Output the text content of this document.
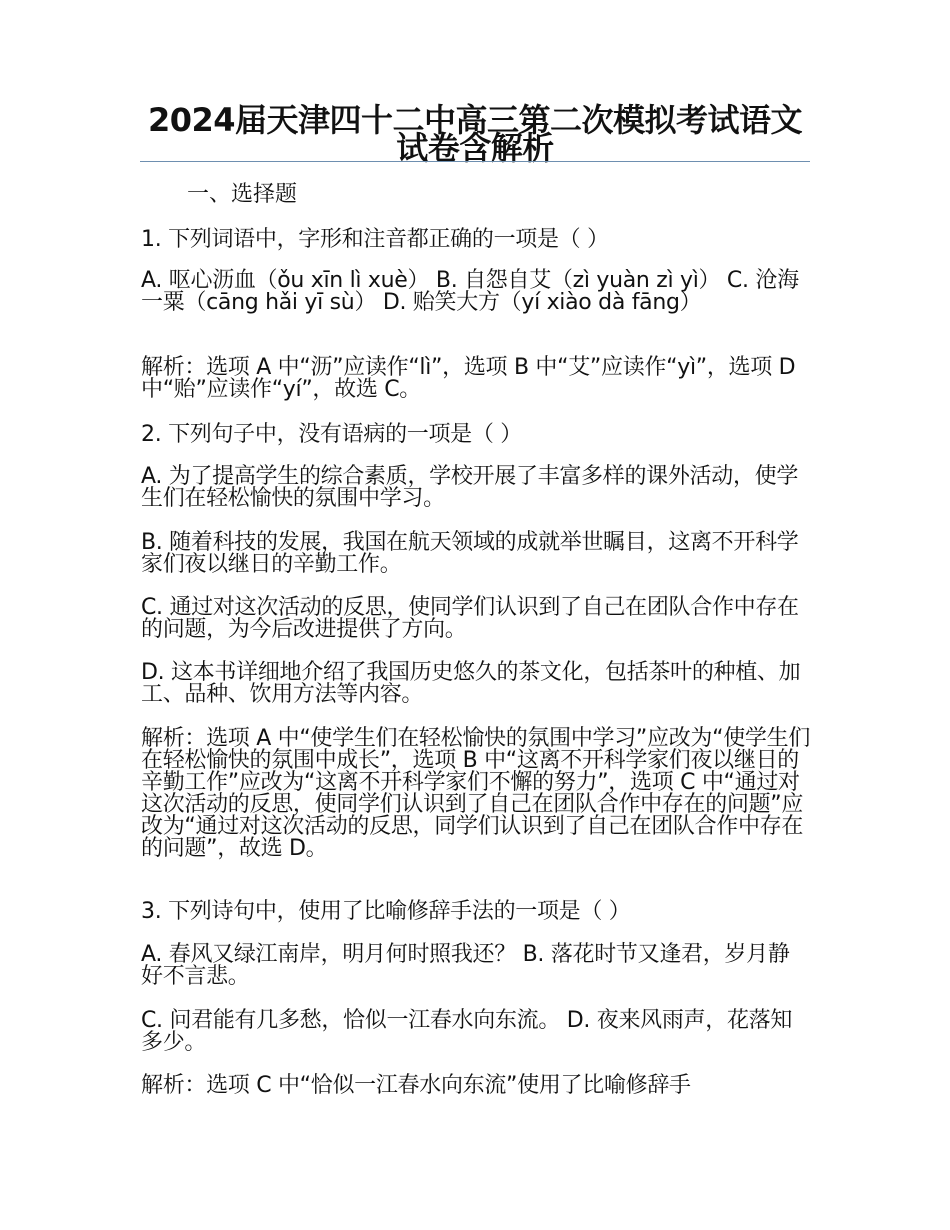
2024届天津四十二中高三第二次模拟考试语文试卷含解析

一、选择题

1. 下列词语中，字形和注音都正确的一项是（ ）

A. 呕心沥血（ǒu xīn lì xuè） B. 自怨自艾（zì yuàn zì yì） C. 沧海一粟（cāng hǎi yī sù） D. 贻笑大方（yí xiào dà fāng）

解析：选项 A 中“沥”应读作“lì”，选项 B 中“艾”应读作“yì”，选项 D 中“贻”应读作“yí”，故选 C。

2. 下列句子中，没有语病的一项是（ ）

A. 为了提高学生的综合素质，学校开展了丰富多样的课外活动，使学生们在轻松愉快的氛围中学习。

B. 随着科技的发展，我国在航天领域的成就举世瞩目，这离不开科学家们夜以继日的辛勤工作。

C. 通过对这次活动的反思，使同学们认识到了自己在团队合作中存在的问题，为今后改进提供了方向。

D. 这本书详细地介绍了我国历史悠久的茶文化，包括茶叶的种植、加工、品种、饮用方法等内容。

解析：选项 A 中“使学生们在轻松愉快的氛围中学习”应改为“使学生们在轻松愉快的氛围中成长”，选项 B 中“这离不开科学家们夜以继日的辛勤工作”应改为“这离不开科学家们不懈的努力”，选项 C 中“通过对这次活动的反思，使同学们认识到了自己在团队合作中存在的问题”应改为“通过对这次活动的反思，同学们认识到了自己在团队合作中存在的问题”，故选 D。

3. 下列诗句中，使用了比喻修辞手法的一项是（ ）

A. 春风又绿江南岸，明月何时照我还？ B. 落花时节又逢君，岁月静好不言悲。

C. 问君能有几多愁，恰似一江春水向东流。 D. 夜来风雨声，花落知多少。

解析：选项 C 中“恰似一江春水向东流”使用了比喻修辞手
